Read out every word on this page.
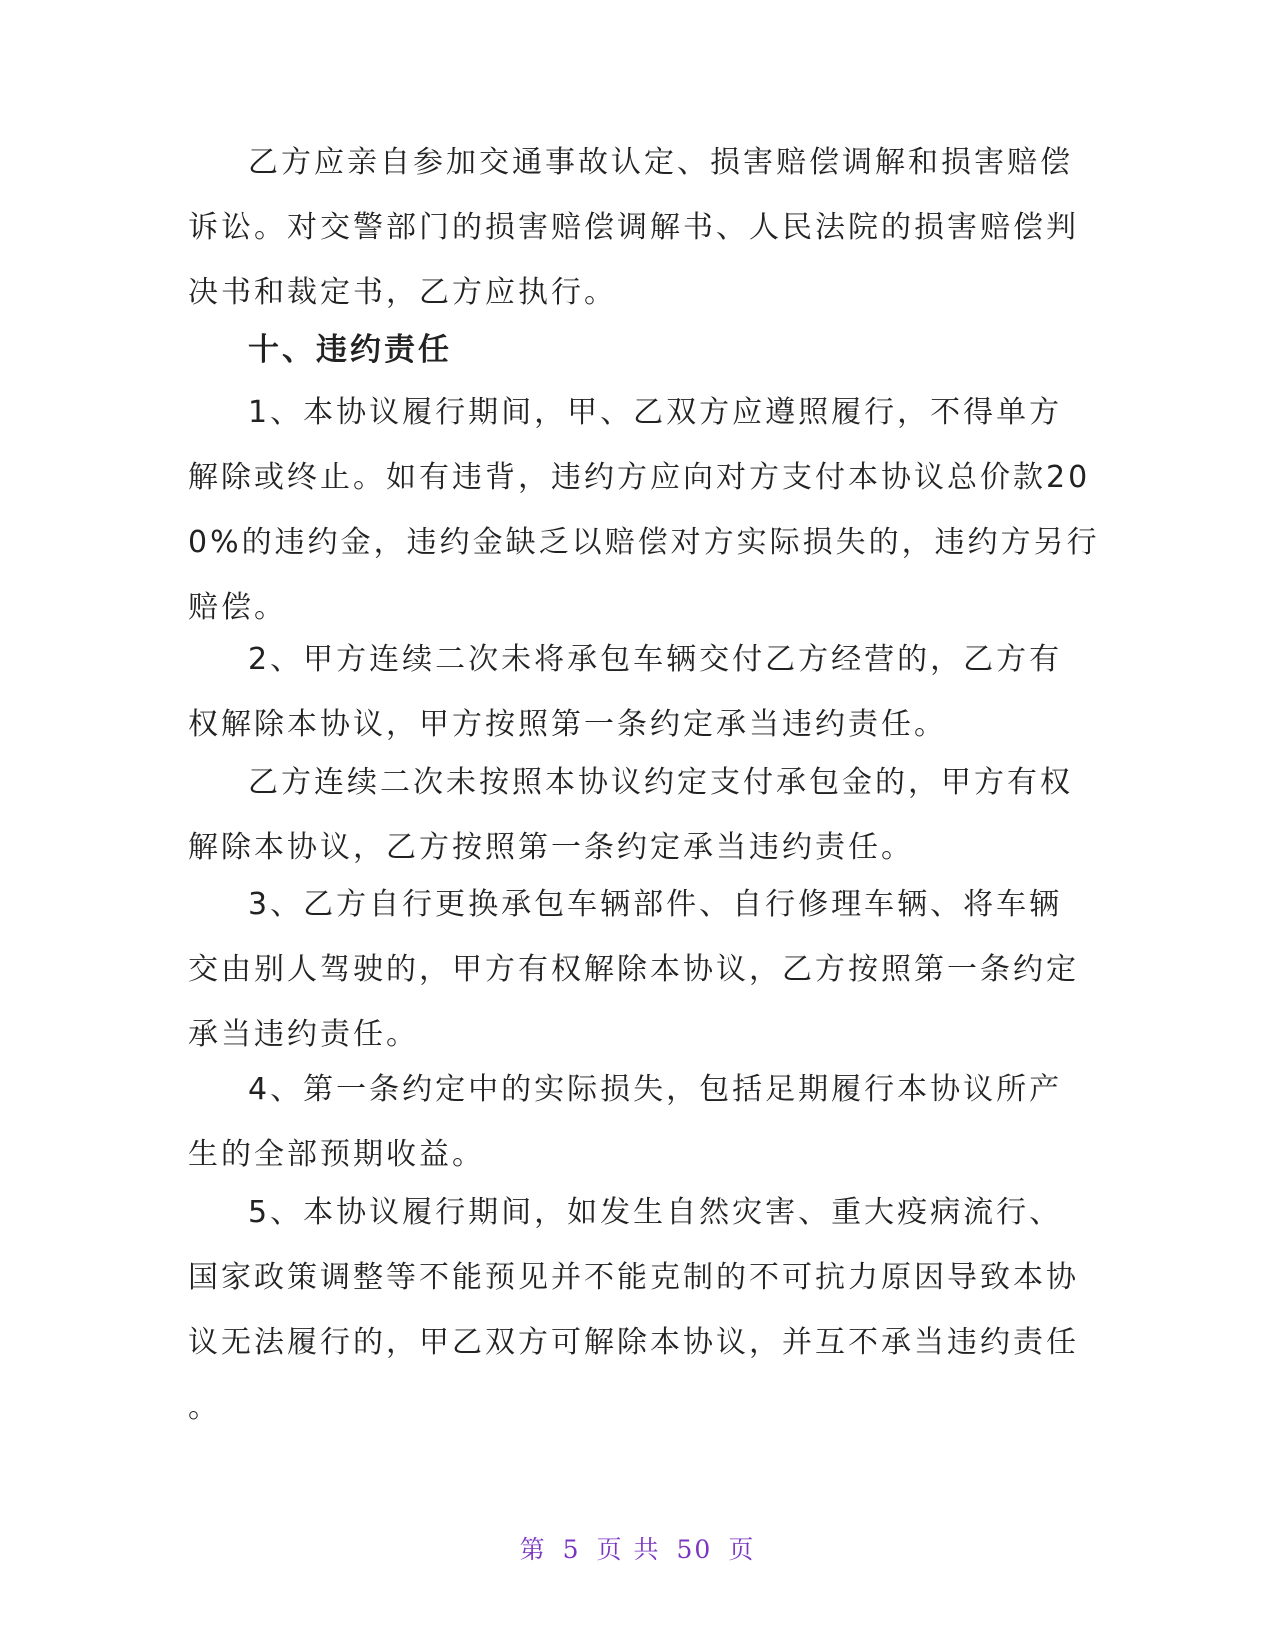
乙方应亲自参加交通事故认定、损害赔偿调解和损害赔偿
诉讼。对交警部门的损害赔偿调解书、人民法院的损害赔偿判
决书和裁定书，乙方应执行。

十、违约责任

1、本协议履行期间，甲、乙双方应遵照履行，不得单方
解除或终止。如有违背，违约方应向对方支付本协议总价款20
0%的违约金，违约金缺乏以赔偿对方实际损失的，违约方另行
赔偿。

2、甲方连续二次未将承包车辆交付乙方经营的，乙方有
权解除本协议，甲方按照第一条约定承当违约责任。

乙方连续二次未按照本协议约定支付承包金的，甲方有权
解除本协议，乙方按照第一条约定承当违约责任。

3、乙方自行更换承包车辆部件、自行修理车辆、将车辆
交由别人驾驶的，甲方有权解除本协议，乙方按照第一条约定
承当违约责任。

4、第一条约定中的实际损失，包括足期履行本协议所产
生的全部预期收益。

5、本协议履行期间，如发生自然灾害、重大疫病流行、
国家政策调整等不能预见并不能克制的不可抗力原因导致本协
议无法履行的，甲乙双方可解除本协议，并互不承当违约责任
。

第 5 页 共 50 页
